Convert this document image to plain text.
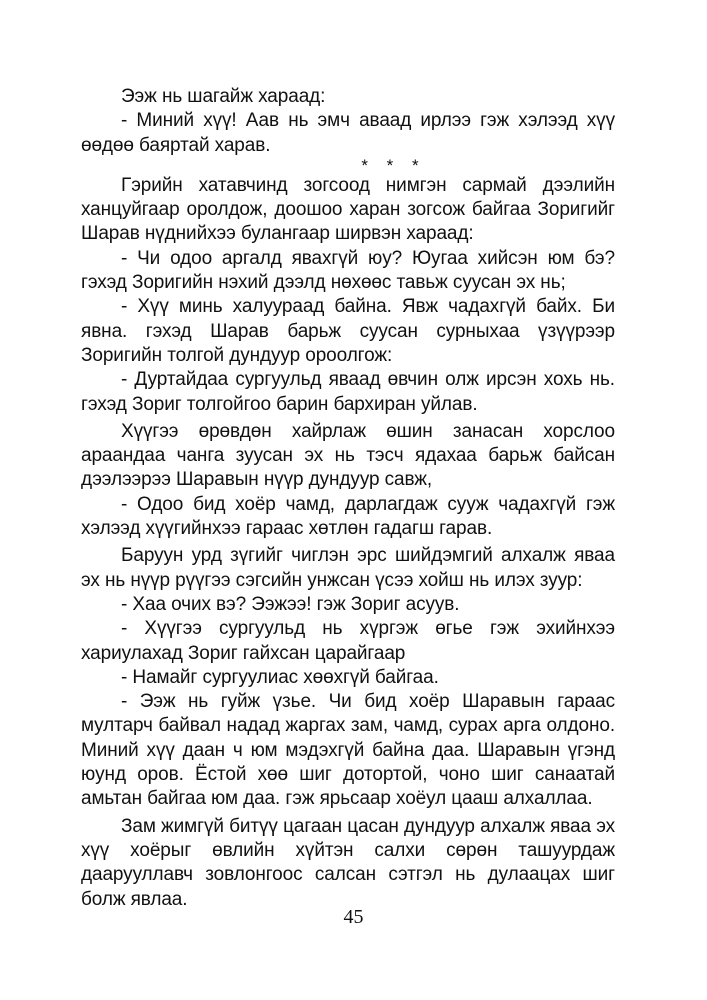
Ээж нь шагайж хараад:

- Миний хүү! Аав нь эмч аваад ирлээ гэж хэлээд хүү өөдөө баяртай харав.

* * *

Гэрийн хатавчинд зогсоод нимгэн сармай дээлийн ханцуйгаар оролдож, доошоо харан зогсож байгаа Зоригийг Шарав нүднийхээ булангаар ширвэн хараад:

- Чи одоо аргалд явахгүй юу? Юугаа хийсэн юм бэ? гэхэд Зоригийн нэхий дээлд нөхөөс тавьж суусан эх нь;

- Хүү минь халуураад байна. Явж чадахгүй байх. Би явна. гэхэд Шарав барьж суусан сурныхаа үзүүрээр Зоригийн толгой дундуур ороолгож:

- Дуртайдаа сургуульд яваад өвчин олж ирсэн хохь нь. гэхэд Зориг толгойгоо барин бархиран уйлав.

Хүүгээ өрөвдөн хайрлаж өшин занасан хорслоо араандаа чанга зуусан эх нь тэсч ядахаа барьж байсан дээлээрээ Шаравын нүүр дундуур савж,

- Одоо бид хоёр чамд, дарлагдаж сууж чадахгүй гэж хэлээд хүүгийнхээ гараас хөтлөн гадагш гарав.

Баруун урд зүгийг чиглэн эрс шийдэмгий алхалж яваа эх нь нүүр рүүгээ сэгсийн унжсан үсээ хойш нь илэх зуур:

- Хаа очих вэ? Ээжээ! гэж Зориг асуув.

- Хүүгээ сургуульд нь хүргэж өгье гэж эхийнхээ хариулахад Зориг гайхсан царайгаар

- Намайг сургуулиас хөөхгүй байгаа.

- Ээж нь гуйж үзье. Чи бид хоёр Шаравын гараас мултарч байвал надад жаргах зам, чамд, сурах арга олдоно. Миний хүү даан ч юм мэдэхгүй байна даа. Шаравын үгэнд юунд оров. Ёстой хөө шиг дотортой, чоно шиг санаатай амьтан байгаа юм даа. гэж ярьсаар хоёул цааш алхаллаа.

Зам жимгүй битүү цагаан цасан дундуур алхалж яваа эх хүү хоёрыг өвлийн хүйтэн салхи сөрөн ташуурдаж даарууллавч зовлонгоос салсан сэтгэл нь дулаацах шиг болж явлаа.

45
